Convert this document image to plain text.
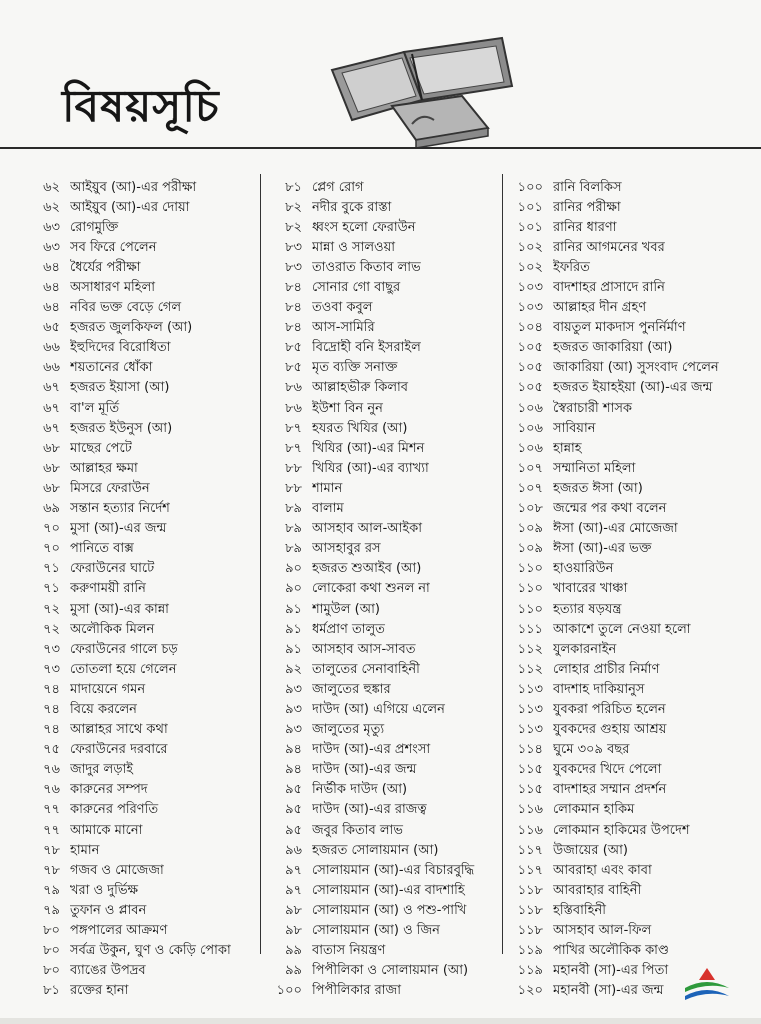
বিষয়সূচি
৬২ আইয়ুব (আ)-এর পরীক্ষা
৬২ আইয়ুব (আ)-এর দোয়া
৬৩ রোগমুক্তি
৬৩ সব ফিরে পেলেন
৬৪ ধৈর্যের পরীক্ষা
৬৪ অসাধারণ মহিলা
৬৪ নবির ভক্ত বেড়ে গেল
৬৫ হজরত জুলকিফল (আ)
৬৬ ইহুদিদের বিরোধিতা
৬৬ শয়তানের ধোঁকা
৬৭ হজরত ইয়াসা (আ)
৬৭ বা'ল মূর্তি
৬৭ হজরত ইউনুস (আ)
৬৮ মাছের পেটে
৬৮ আল্লাহর ক্ষমা
৬৮ মিসরে ফেরাউন
৬৯ সন্তান হত্যার নির্দেশ
৭০ মুসা (আ)-এর জন্ম
৭০ পানিতে বাক্স
৭১ ফেরাউনের ঘাটে
৭১ করুণাময়ী রানি
৭২ মুসা (আ)-এর কান্না
৭২ অলৌকিক মিলন
৭৩ ফেরাউনের গালে চড়
৭৩ তোতলা হয়ে গেলেন
৭৪ মাদায়েনে গমন
৭৪ বিয়ে করলেন
৭৪ আল্লাহর সাথে কথা
৭৫ ফেরাউনের দরবারে
৭৬ জাদুর লড়াই
৭৬ কারুনের সম্পদ
৭৭ কারুনের পরিণতি
৭৭ আমাকে মানো
৭৮ হামান
৭৮ গজব ও মোজেজা
৭৯ খরা ও দুর্ভিক্ষ
৭৯ তুফান ও প্লাবন
৮০ পঙ্গপালের আক্রমণ
৮০ সর্বত্র উকুন, ঘুণ ও কেড়ি পোকা
৮০ ব্যাঙের উপদ্রব
৮১ রক্তের হানা
৮১ প্লেগ রোগ
৮২ নদীর বুকে রাস্তা
৮২ ধ্বংস হলো ফেরাউন
৮৩ মান্না ও সালওয়া
৮৩ তাওরাত কিতাব লাভ
৮৪ সোনার গো বাছুর
৮৪ তওবা কবুল
৮৪ আস-সামিরি
৮৫ বিদ্রোহী বনি ইসরাইল
৮৫ মৃত ব্যক্তি সনাক্ত
৮৬ আল্লাহভীরু কিলাব
৮৬ ইউশা বিন নুন
৮৭ হযরত খিযির (আ)
৮৭ খিযির (আ)-এর মিশন
৮৮ খিযির (আ)-এর ব্যাখ্যা
৮৮ শামান
৮৯ বালাম
৮৯ আসহাব আল-আইকা
৮৯ আসহাবুর রস
৯০ হজরত শুআইব (আ)
৯০ লোকেরা কথা শুনল না
৯১ শামুউল (আ)
৯১ ধর্মপ্রাণ তালুত
৯১ আসহাব আস-সাবত
৯২ তালুতের সেনাবাহিনী
৯৩ জালুতের হুঙ্কার
৯৩ দাউদ (আ) এগিয়ে এলেন
৯৩ জালুতের মৃত্যু
৯৪ দাউদ (আ)-এর প্রশংসা
৯৪ দাউদ (আ)-এর জন্ম
৯৫ নির্ভীক দাউদ (আ)
৯৫ দাউদ (আ)-এর রাজত্ব
৯৫ জবুর কিতাব লাভ
৯৬ হজরত সোলায়মান (আ)
৯৭ সোলায়মান (আ)-এর বিচারবুদ্ধি
৯৭ সোলায়মান (আ)-এর বাদশাহি
৯৮ সোলায়মান (আ) ও পশু-পাখি
৯৮ সোলায়মান (আ) ও জিন
৯৯ বাতাস নিয়ন্ত্রণ
৯৯ পিপীলিকা ও সোলায়মান (আ)
১০০ পিপীলিকার রাজা
১০০ রানি বিলকিস
১০১ রানির পরীক্ষা
১০১ রানির ধারণা
১০২ রানির আগমনের খবর
১০২ ইফরিত
১০৩ বাদশাহর প্রাসাদে রানি
১০৩ আল্লাহর দীন গ্রহণ
১০৪ বায়তুল মাকদাস পুনর্নির্মাণ
১০৫ হজরত জাকারিয়া (আ)
১০৫ জাকারিয়া (আ) সুসংবাদ পেলেন
১০৫ হজরত ইয়াহইয়া (আ)-এর জন্ম
১০৬ স্বৈরাচারী শাসক
১০৬ সাবিয়ান
১০৬ হান্নাহ
১০৭ সম্মানিতা মহিলা
১০৭ হজরত ঈসা (আ)
১০৮ জন্মের পর কথা বলেন
১০৯ ঈসা (আ)-এর মোজেজা
১০৯ ঈসা (আ)-এর ভক্ত
১১০ হাওয়ারিউন
১১০ খাবারের খাঞ্চা
১১০ হত্যার ষড়যন্ত্র
১১১ আকাশে তুলে নেওয়া হলো
১১২ যুলকারনাইন
১১২ লোহার প্রাচীর নির্মাণ
১১৩ বাদশাহ দাকিয়ানুস
১১৩ যুবকরা পরিচিত হলেন
১১৩ যুবকদের গুহায় আশ্রয়
১১৪ ঘুমে ৩০৯ বছর
১১৫ যুবকদের খিদে পেলো
১১৫ বাদশাহর সম্মান প্রদর্শন
১১৬ লোকমান হাকিম
১১৬ লোকমান হাকিমের উপদেশ
১১৭ উজায়ের (আ)
১১৭ আবরাহা এবং কাবা
১১৮ আবরাহার বাহিনী
১১৮ হস্তিবাহিনী
১১৮ আসহাব আল-ফিল
১১৯ পাখির অলৌকিক কাণ্ড
১১৯ মহানবী (সা)-এর পিতা
১২০ মহানবী (সা)-এর জন্ম
